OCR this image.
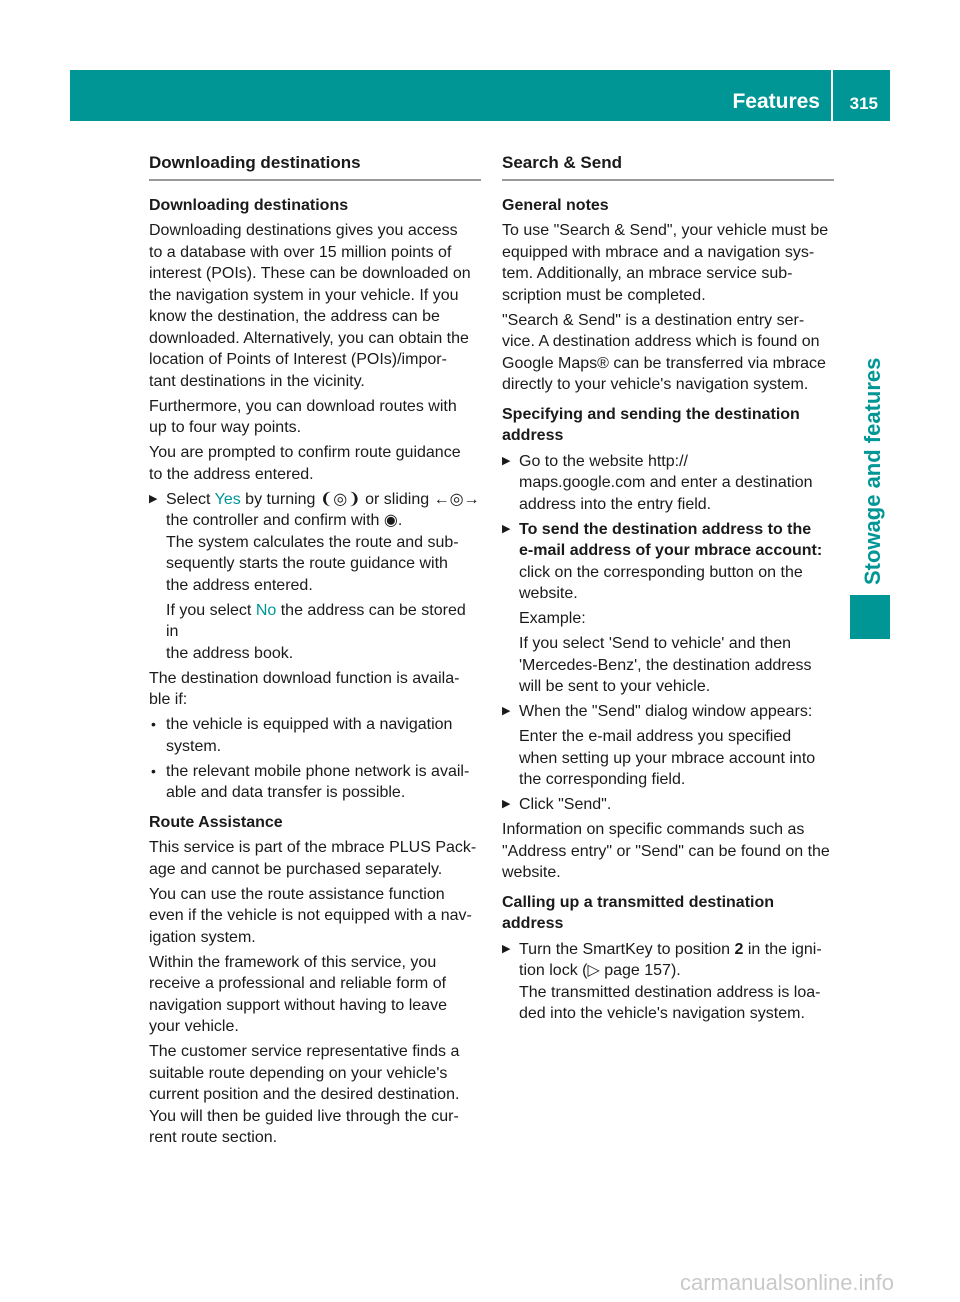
Features 315
Stowage and features
Downloading destinations
Downloading destinations
Downloading destinations gives you access
to a database with over 15 million points of
interest (POIs). These can be downloaded on
the navigation system in your vehicle. If you
know the destination, the address can be
downloaded. Alternatively, you can obtain the
location of Points of Interest (POIs)/impor-
tant destinations in the vicinity.
Furthermore, you can download routes with
up to four way points.
You are prompted to confirm route guidance
to the address entered.
▶ Select Yes by turning ❨◎❩ or sliding ←◎→
the controller and confirm with ◉.
The system calculates the route and sub-
sequently starts the route guidance with
the address entered.
If you select No the address can be stored in
the address book.
The destination download function is availa-
ble if:
• the vehicle is equipped with a navigation
system.
• the relevant mobile phone network is avail-
able and data transfer is possible.
Route Assistance
This service is part of the mbrace PLUS Pack-
age and cannot be purchased separately.
You can use the route assistance function
even if the vehicle is not equipped with a nav-
igation system.
Within the framework of this service, you
receive a professional and reliable form of
navigation support without having to leave
your vehicle.
The customer service representative finds a
suitable route depending on your vehicle's
current position and the desired destination.
You will then be guided live through the cur-
rent route section.
Search & Send
General notes
To use "Search & Send", your vehicle must be
equipped with mbrace and a navigation sys-
tem. Additionally, an mbrace service sub-
scription must be completed.
"Search & Send" is a destination entry ser-
vice. A destination address which is found on
Google Maps® can be transferred via mbrace
directly to your vehicle's navigation system.
Specifying and sending the destination
address
▶ Go to the website http://
maps.google.com and enter a destination
address into the entry field.
▶ To send the destination address to the
e-mail address of your mbrace account:
click on the corresponding button on the
website.
Example:
If you select 'Send to vehicle' and then
'Mercedes-Benz', the destination address
will be sent to your vehicle.
▶ When the "Send" dialog window appears:
Enter the e-mail address you specified
when setting up your mbrace account into
the corresponding field.
▶ Click "Send".
Information on specific commands such as
"Address entry" or "Send" can be found on the
website.
Calling up a transmitted destination
address
▶ Turn the SmartKey to position 2 in the igni-
tion lock (▷ page 157).
The transmitted destination address is loa-
ded into the vehicle's navigation system.
carmanualsonline.info
